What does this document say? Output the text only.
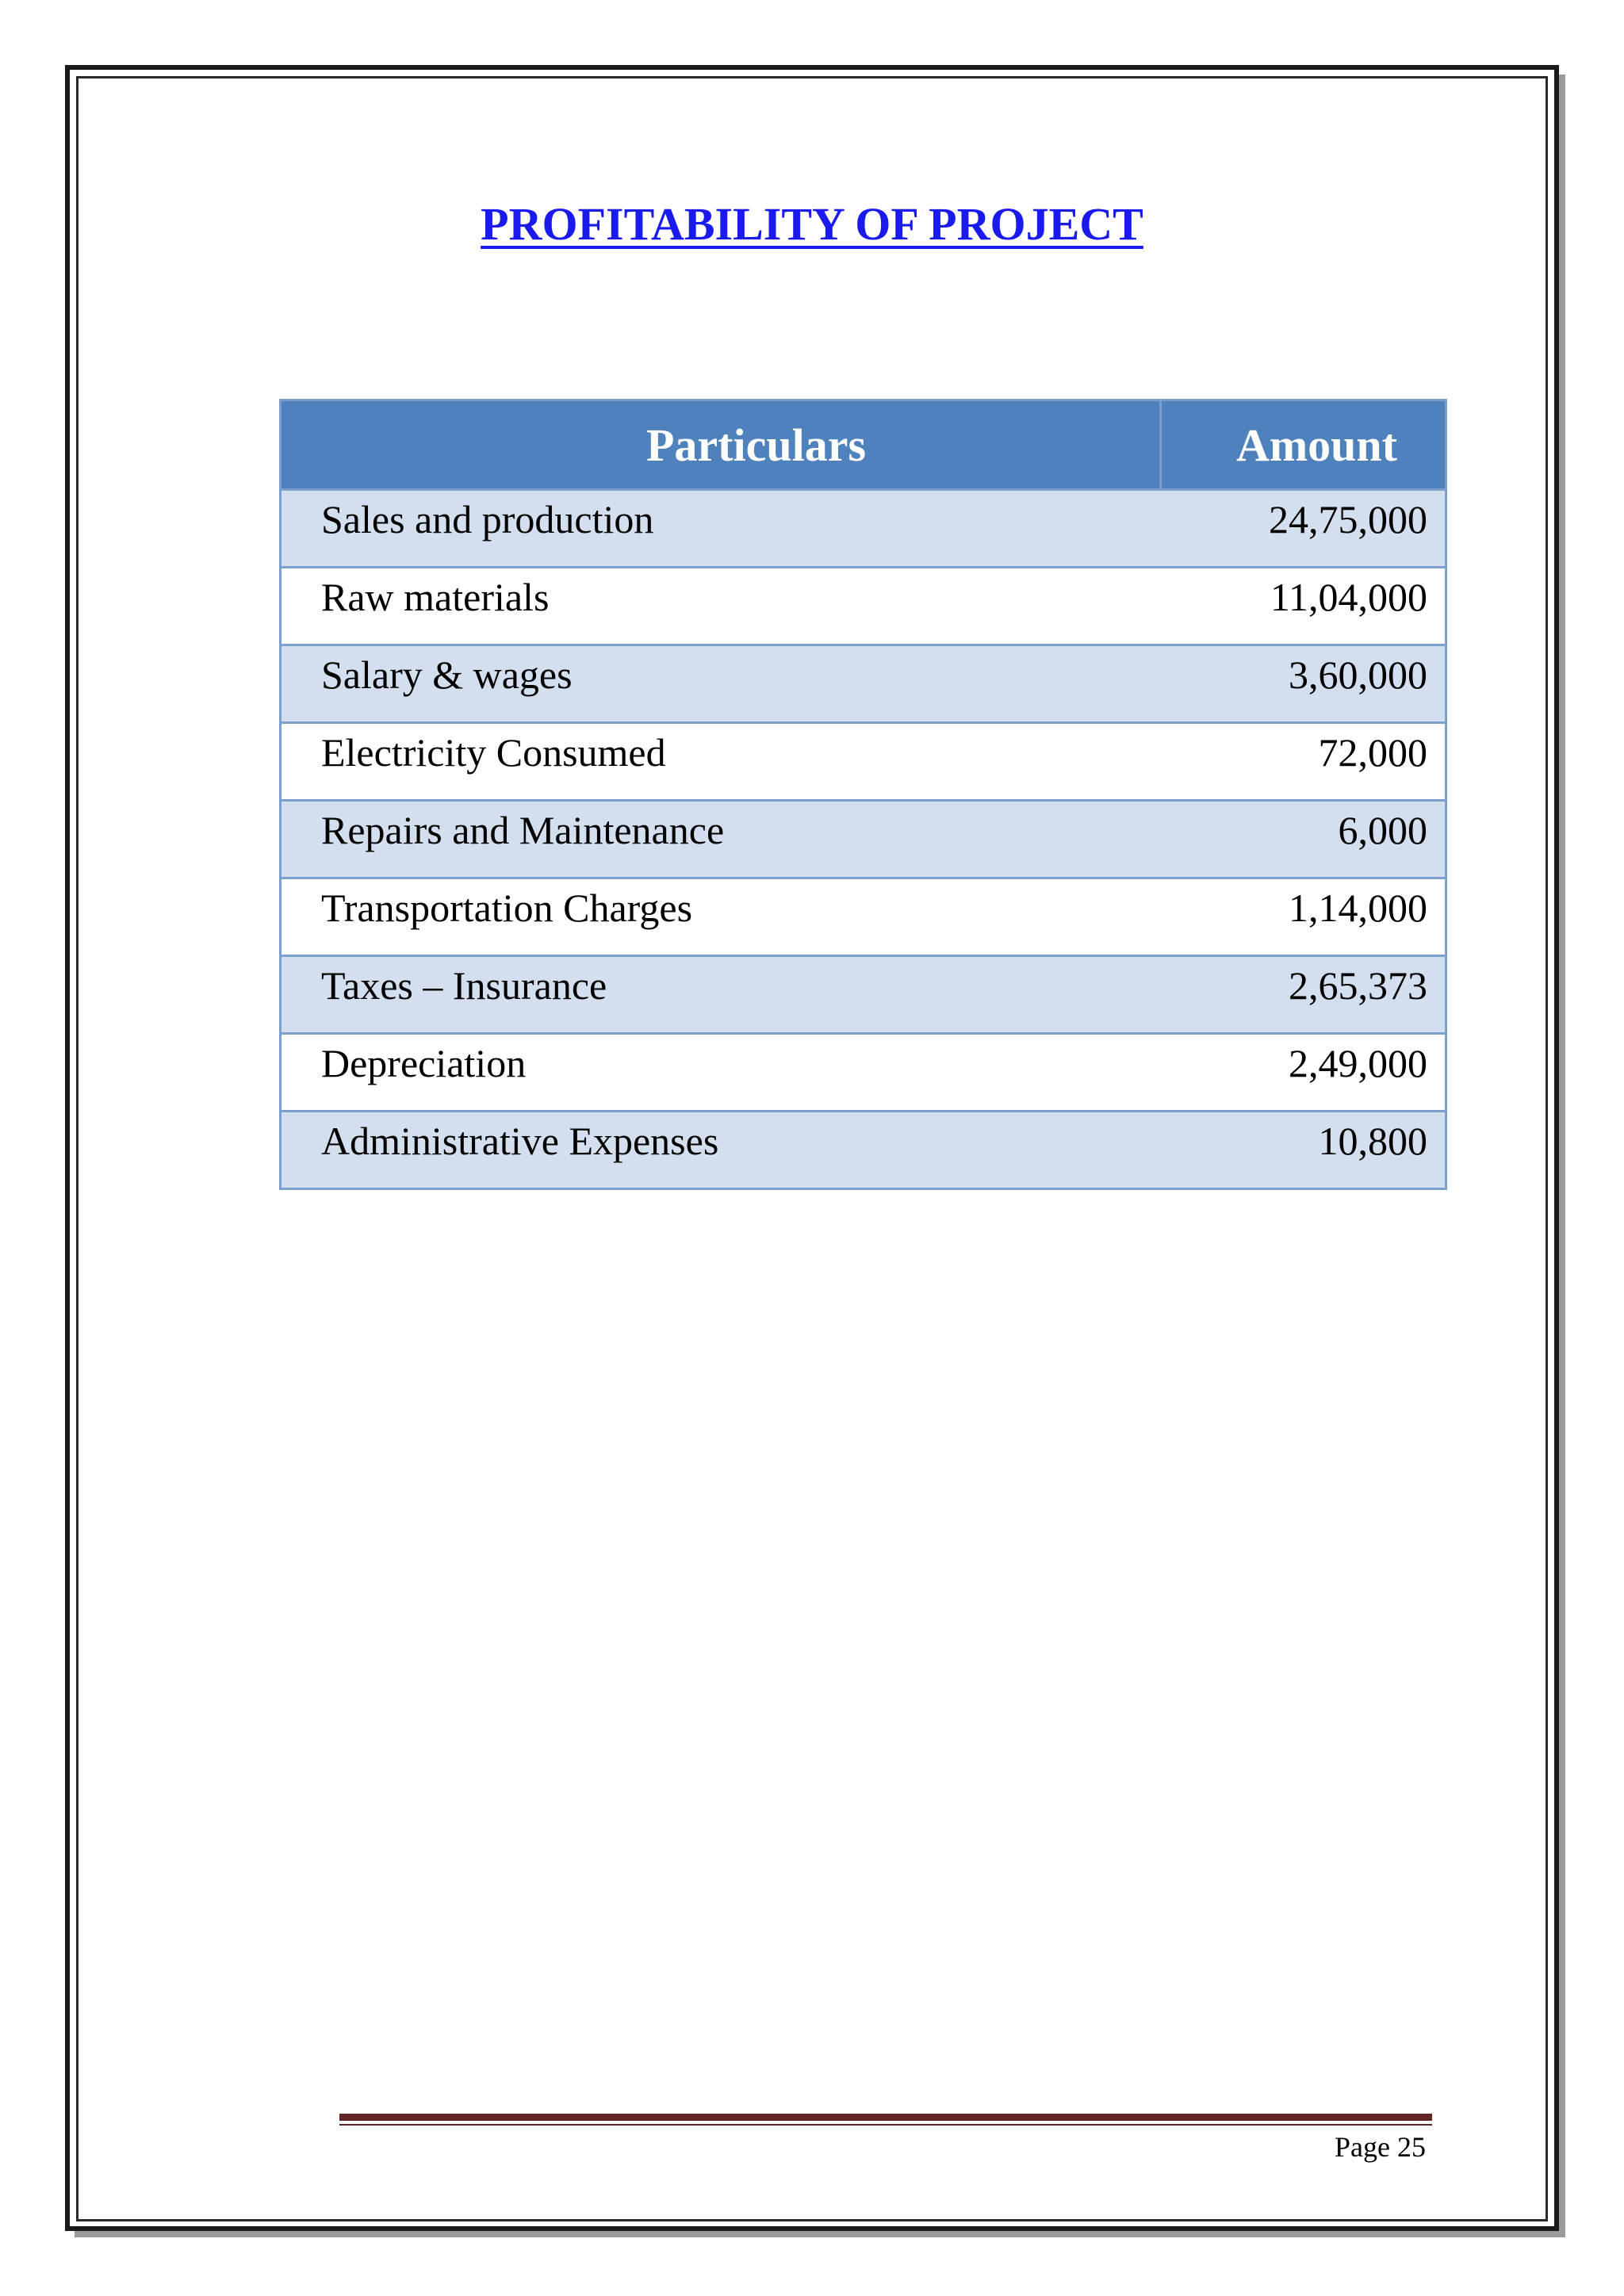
PROFITABILITY OF PROJECT
Particulars	Amount
Sales and production	24,75,000
Raw materials	11,04,000
Salary & wages	3,60,000
Electricity Consumed	72,000
Repairs and Maintenance	6,000
Transportation Charges	1,14,000
Taxes – Insurance	2,65,373
Depreciation	2,49,000
Administrative Expenses	10,800
Page 25
